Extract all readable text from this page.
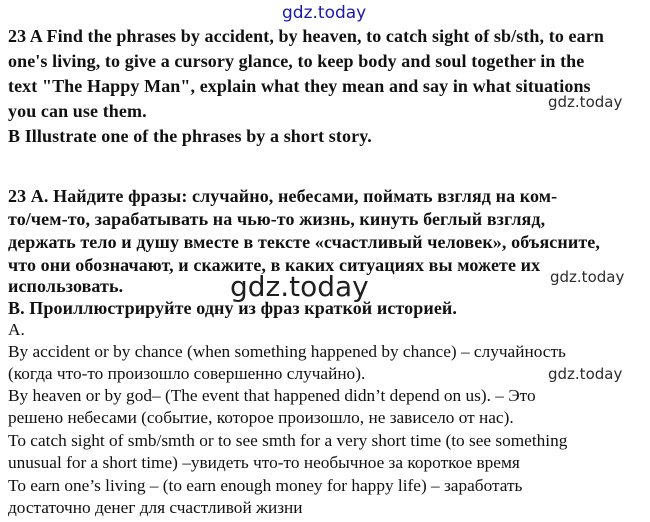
gdz.today
23 A Find the phrases by accident, by heaven, to catch sight of sb/sth, to earn
one's living, to give a cursory glance, to keep body and soul together in the
text "The Happy Man", explain what they mean and say in what situations
you can use them.	gdz.today
B Illustrate one of the phrases by a short story.
23 А. Найдите фразы: случайно, небесами, поймать взгляд на ком-
то/чем-то, зарабатывать на чью-то жизнь, кинуть беглый взгляд,
держать тело и душу вместе в тексте «счастливый человек», объясните,
что они обозначают, и скажите, в каких ситуациях вы можете их
gdz.today
gdz.today
использовать.
В. Проиллюстрируйте одну из фраз краткой историей.
А.
By accident or by chance (when something happened by chance) – случайность
(когда что-то произошло совершенно случайно).	gdz.today
By heaven or by god– (The event that happened didn’t depend on us). – Это
решено небесами (событие, которое произошло, не зависело от нас).
To catch sight of smb/smth or to see smth for a very short time (to see something
unusual for a short time) –увидеть что-то необычное за короткое время
To earn one’s living – (to earn enough money for happy life) – заработать
достаточно денег для счастливой жизни
